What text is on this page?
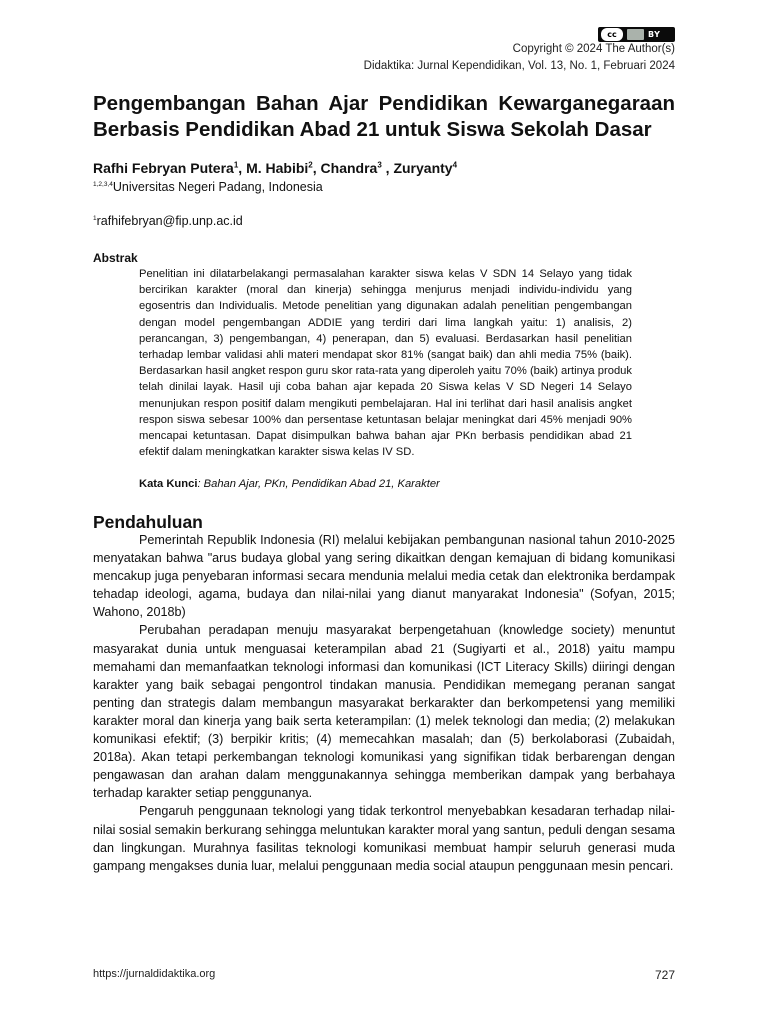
cc	BY
Copyright © 2024 The Author(s)
Didaktika: Jurnal Kependidikan, Vol. 13, No. 1, Februari 2024
Pengembangan Bahan Ajar Pendidikan Kewarganegaraan Berbasis Pendidikan Abad 21 untuk Siswa Sekolah Dasar
Rafhi Febryan Putera$^1$, M. Habibi$^2$, Chandra$^3$ , Zuryanty$^4$
$^{1,2,3,4}$Universitas Negeri Padang, Indonesia
$^1$rafhifebryan@fip.unp.ac.id
Abstrak

Penelitian ini dilatarbelakangi permasalahan karakter siswa kelas V SDN 14 Selayo yang tidak bercirikan karakter (moral dan kinerja) sehingga menjurus menjadi individu-individu yang egosentris dan Individualis. Metode penelitian yang digunakan adalah penelitian pengembangan dengan model pengembangan ADDIE yang terdiri dari lima langkah yaitu: 1) analisis, 2) perancangan, 3) pengembangan, 4) penerapan, dan 5) evaluasi. Berdasarkan hasil penelitian terhadap lembar validasi ahli materi mendapat skor 81% (sangat baik) dan ahli media 75% (baik). Berdasarkan hasil angket respon guru skor rata-rata yang diperoleh yaitu 70% (baik) artinya produk telah dinilai layak. Hasil uji coba bahan ajar kepada 20 Siswa kelas V SD Negeri 14 Selayo menunjukan respon positif dalam mengikuti pembelajaran. Hal ini terlihat dari hasil analisis angket respon siswa sebesar 100% dan persentase ketuntasan belajar meningkat dari 45% menjadi 90% mencapai ketuntasan. Dapat disimpulkan bahwa bahan ajar PKn berbasis pendidikan abad 21 efektif dalam meningkatkan karakter siswa kelas IV SD.

Kata Kunci: Bahan Ajar, PKn, Pendidikan Abad 21, Karakter
Pendahuluan

Pemerintah Republik Indonesia (RI) melalui kebijakan pembangunan nasional tahun 2010-2025 menyatakan bahwa "arus budaya global yang sering dikaitkan dengan kemajuan di bidang komunikasi mencakup juga penyebaran informasi secara mendunia melalui media cetak dan elektronika berdampak tehadap ideologi, agama, budaya dan nilai-nilai yang dianut manyarakat Indonesia" (Sofyan, 2015; Wahono, 2018b)

Perubahan peradapan menuju masyarakat berpengetahuan (knowledge society) menuntut masyarakat dunia untuk menguasai keterampilan abad 21 (Sugiyarti et al., 2018) yaitu mampu memahami dan memanfaatkan teknologi informasi dan komunikasi (ICT Literacy Skills) diiringi dengan karakter yang baik sebagai pengontrol tindakan manusia. Pendidikan memegang peranan sangat penting dan strategis dalam membangun masyarakat berkarakter dan berkompetensi yang memiliki karakter moral dan kinerja yang baik serta keterampilan: (1) melek teknologi dan media; (2) melakukan komunikasi efektif; (3) berpikir kritis; (4) memecahkan masalah; dan (5) berkolaborasi (Zubaidah, 2018a). Akan tetapi perkembangan teknologi komunikasi yang signifikan tidak berbarengan dengan pengawasan dan arahan dalam menggunakannya sehingga memberikan dampak yang berbahaya terhadap karakter setiap penggunanya.

Pengaruh penggunaan teknologi yang tidak terkontrol menyebabkan kesadaran terhadap nilai-nilai sosial semakin berkurang sehingga meluntukan karakter moral yang santun, peduli dengan sesama dan lingkungan. Murahnya fasilitas teknologi komunikasi membuat hampir seluruh generasi muda gampang mengakses dunia luar, melalui penggunaan media social ataupun penggunaan mesin pencari.

https://jurnaldidaktika.org	727
